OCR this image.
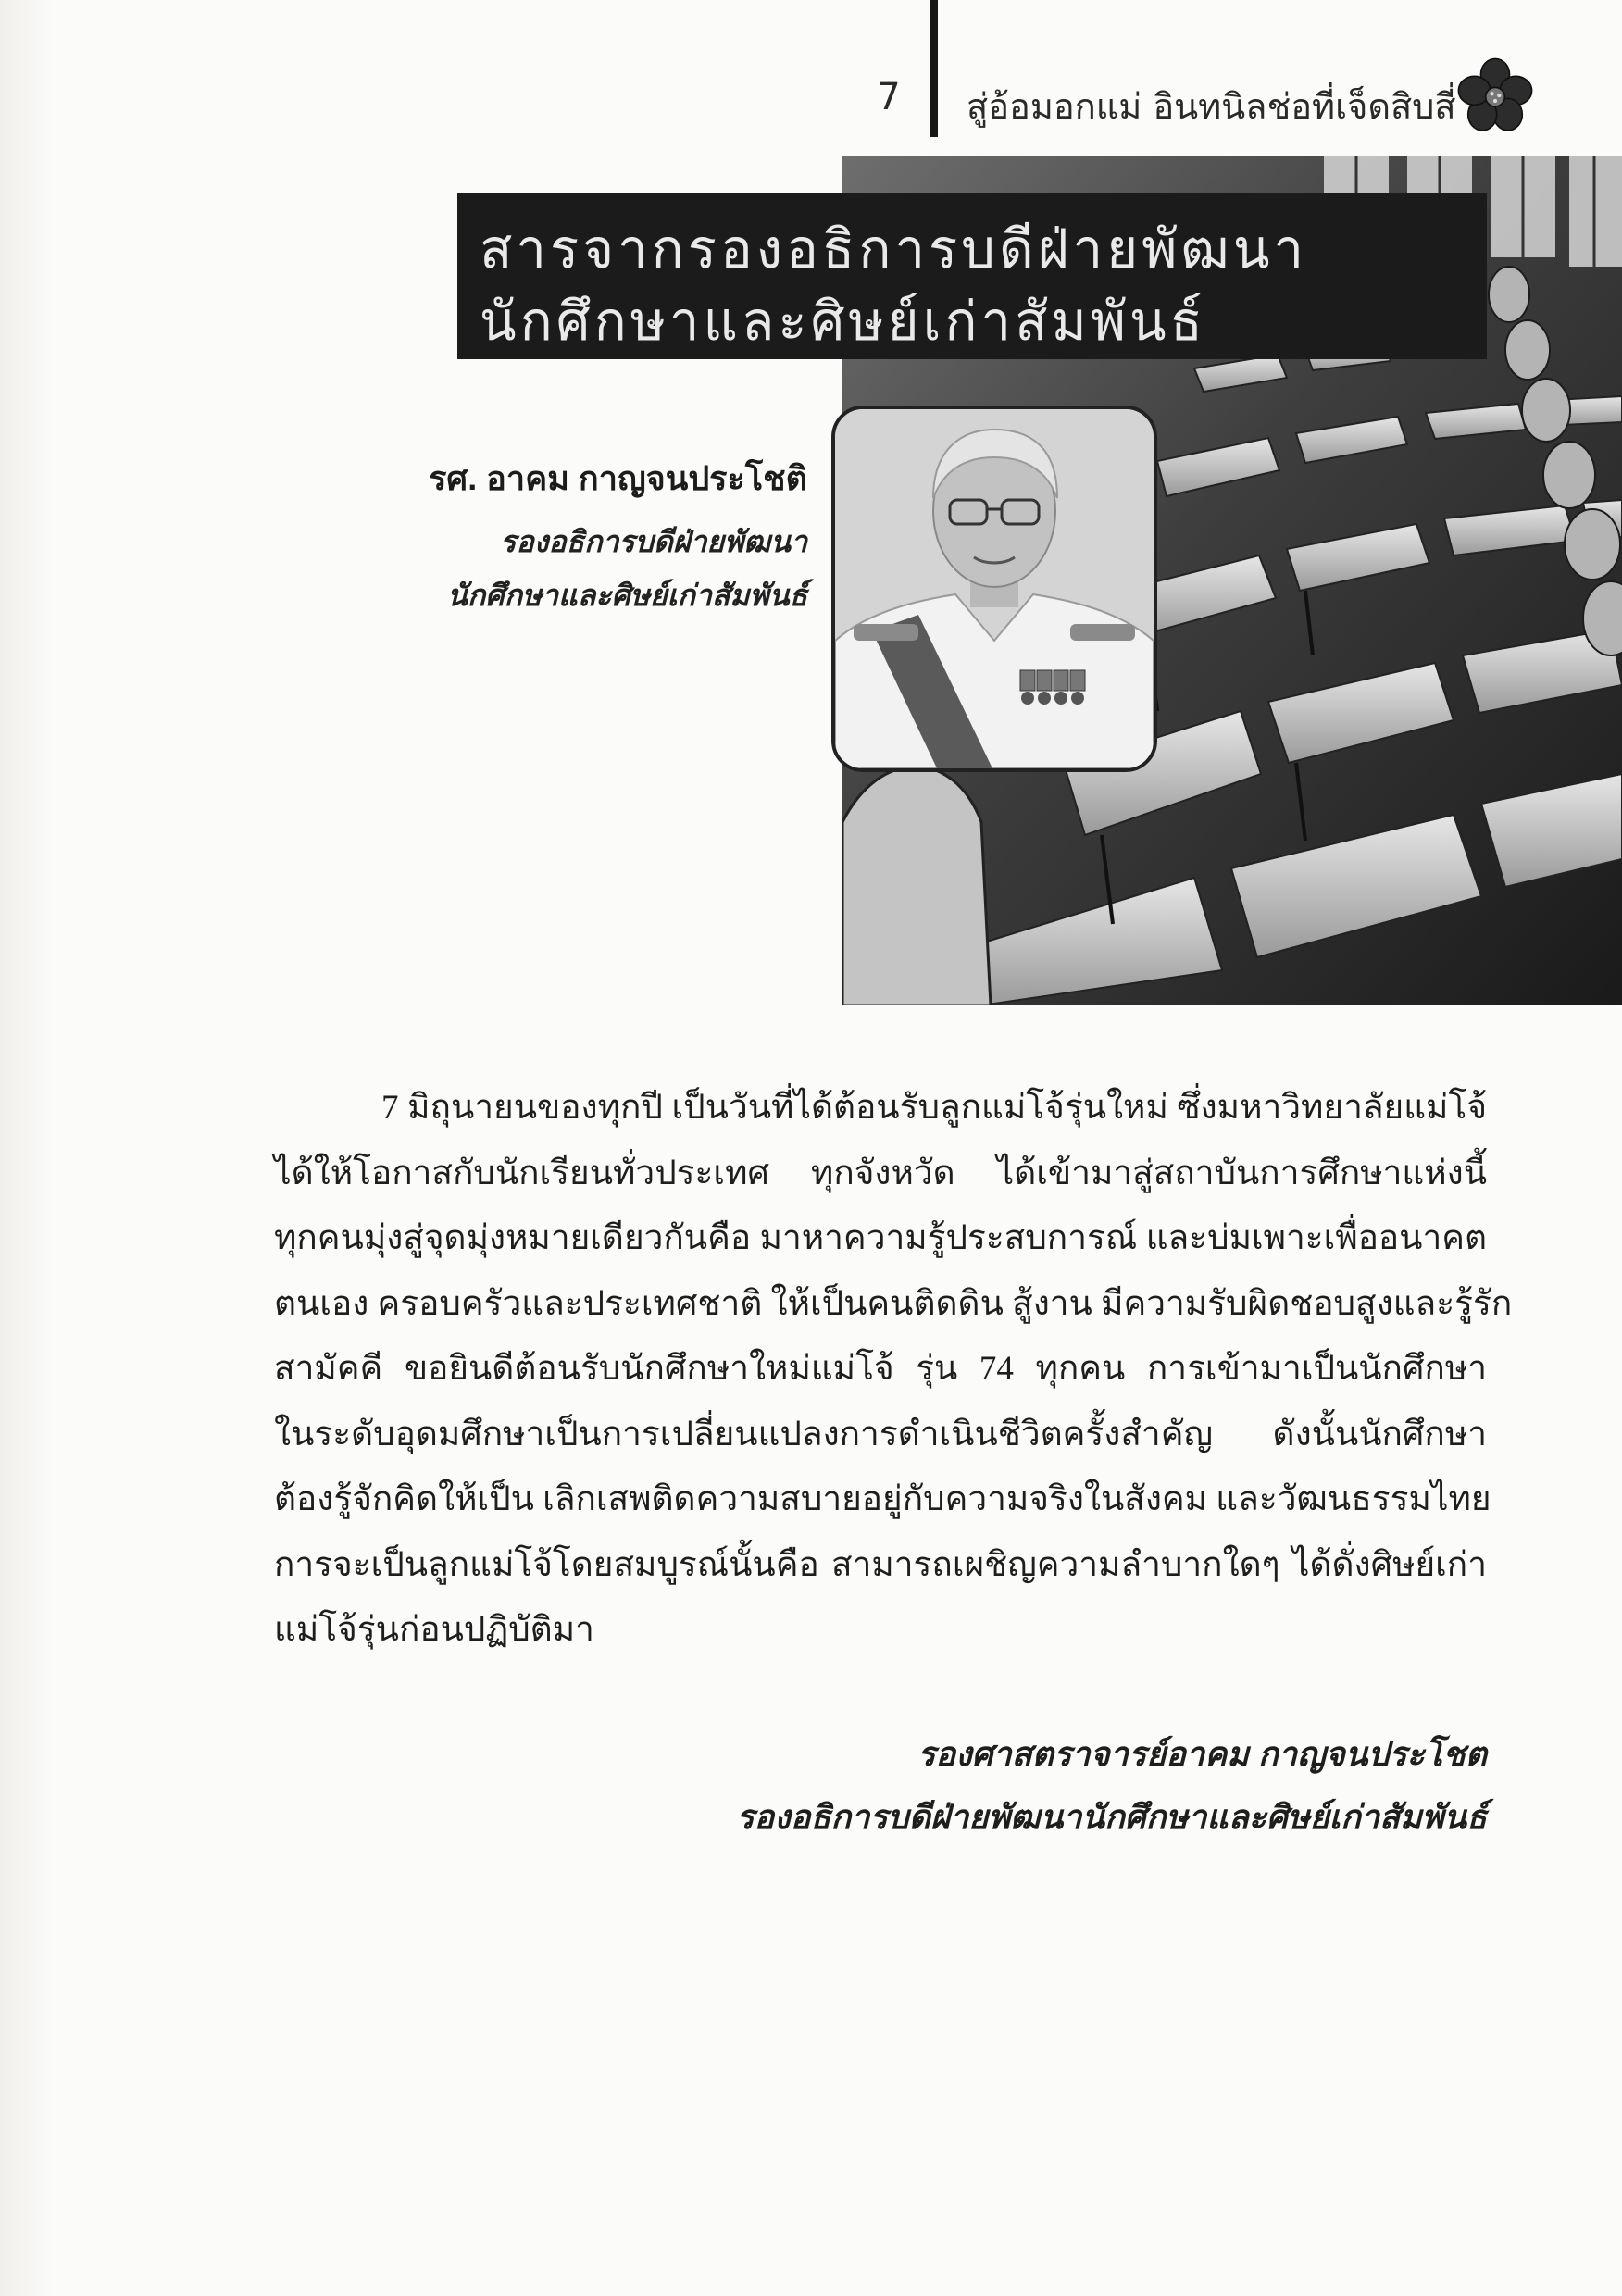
7	สู่อ้อมอกแม่ อินทนิลช่อที่เจ็ดสิบสี่
สารจากรองอธิการบดีฝ่ายพัฒนา
นักศึกษาและศิษย์เก่าสัมพันธ์
รศ. อาคม กาญจนประโชติ
รองอธิการบดีฝ่ายพัฒนา
นักศึกษาและศิษย์เก่าสัมพันธ์
7 มิถุนายนของทุกปี เป็นวันที่ได้ต้อนรับลูกแม่โจ้รุ่นใหม่ ซึ่งมหาวิทยาลัยแม่โจ้
ได้ให้โอกาสกับนักเรียนทั่วประเทศ ทุกจังหวัด ได้เข้ามาสู่สถาบันการศึกษาแห่งนี้
ทุกคนมุ่งสู่จุดมุ่งหมายเดียวกันคือ มาหาความรู้ประสบการณ์ และบ่มเพาะเพื่ออนาคต
ตนเอง ครอบครัวและประเทศชาติ ให้เป็นคนติดดิน สู้งาน มีความรับผิดชอบสูงและรู้รัก
สามัคคี ขอยินดีต้อนรับนักศึกษาใหม่แม่โจ้ รุ่น 74 ทุกคน การเข้ามาเป็นนักศึกษา
ในระดับอุดมศึกษาเป็นการเปลี่ยนแปลงการดำเนินชีวิตครั้งสำคัญ ดังนั้นนักศึกษา
ต้องรู้จักคิดให้เป็น เลิกเสพติดความสบายอยู่กับความจริงในสังคม และวัฒนธรรมไทย
การจะเป็นลูกแม่โจ้โดยสมบูรณ์นั้นคือ สามารถเผชิญความลำบากใดๆ ได้ดั่งศิษย์เก่า
แม่โจ้รุ่นก่อนปฏิบัติมา
รองศาสตราจารย์อาคม กาญจนประโชต
รองอธิการบดีฝ่ายพัฒนานักศึกษาและศิษย์เก่าสัมพันธ์
